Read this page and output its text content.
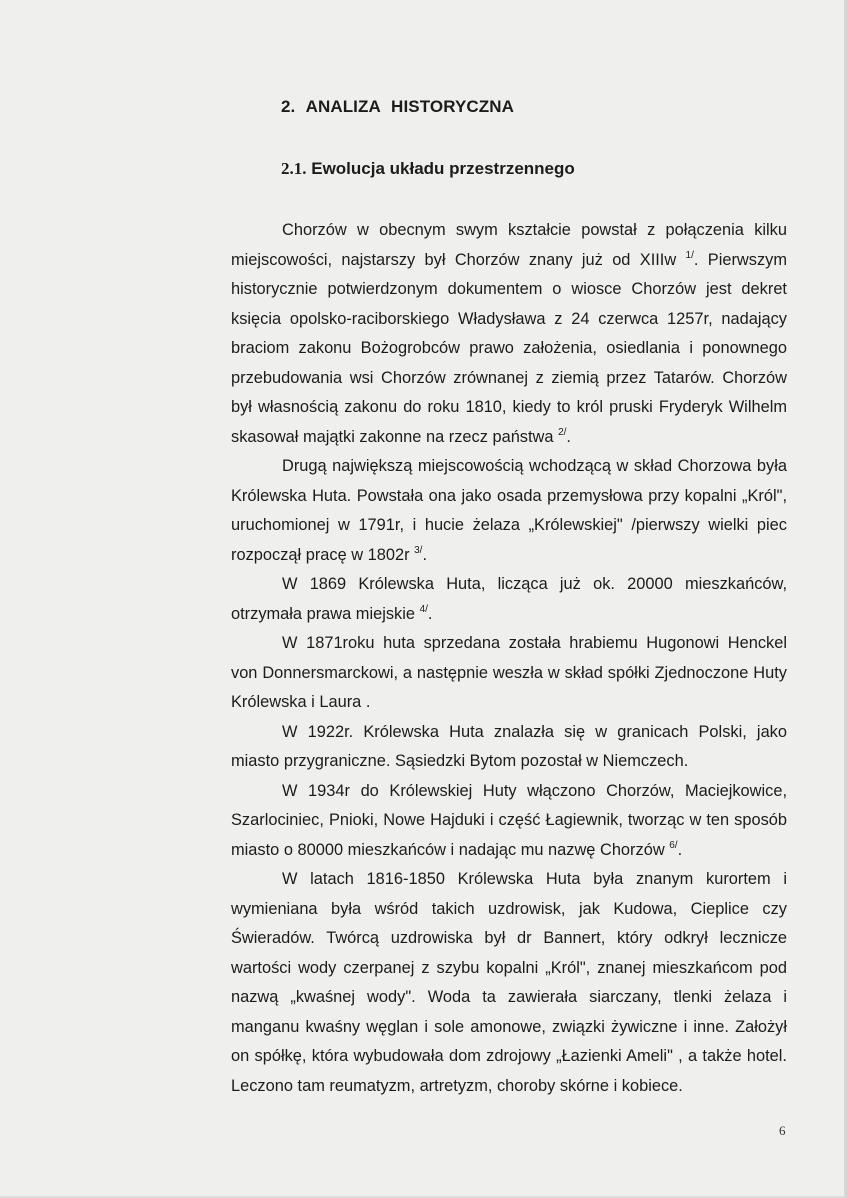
2. ANALIZA HISTORYCZNA
2.1. Ewolucja układu przestrzennego

Chorzów w obecnym swym kształcie powstał z połączenia kilku miejscowości, najstarszy był Chorzów znany już od XIIIw $^{1/}$. Pierwszym historycznie potwierdzonym dokumentem o wiosce Chorzów jest dekret księcia opolsko-raciborskiego Władysława z 24 czerwca 1257r, nadający braciom zakonu Bożogrobców prawo założenia, osiedlania i ponownego przebudowania wsi Chorzów zrównanej z ziemią przez Tatarów. Chorzów był własnością zakonu do roku 1810, kiedy to król pruski Fryderyk Wilhelm skasował majątki zakonne na rzecz państwa $^{2/}$.

Drugą największą miejscowością wchodzącą w skład Chorzowa była Królewska Huta. Powstała ona jako osada przemysłowa przy kopalni „Król", uruchomionej w 1791r, i hucie żelaza „Królewskiej" /pierwszy wielki piec rozpoczął pracę w 1802r $^{3/}$.

W 1869 Królewska Huta, licząca już ok. 20000 mieszkańców, otrzymała prawa miejskie $^{4/}$.

W 1871roku huta sprzedana została hrabiemu Hugonowi Henckel von Donnersmarckowi, a następnie weszła w skład spółki Zjednoczone Huty Królewska i Laura .

W 1922r. Królewska Huta znalazła się w granicach Polski, jako miasto przygraniczne. Sąsiedzki Bytom pozostał w Niemczech.

W 1934r do Królewskiej Huty włączono Chorzów, Maciejkowice, Szarlociniec, Pnioki, Nowe Hajduki i część Łagiewnik, tworząc w ten sposób miasto o 80000 mieszkańców i nadając mu nazwę Chorzów $^{6/}$.

W latach 1816-1850 Królewska Huta była znanym kurortem i wymieniana była wśród takich uzdrowisk, jak Kudowa, Cieplice czy Świeradów. Twórcą uzdrowiska był dr Bannert, który odkrył lecznicze wartości wody czerpanej z szybu kopalni „Król", znanej mieszkańcom pod nazwą „kwaśnej wody". Woda ta zawierała siarczany, tlenki żelaza i manganu kwaśny węglan i sole amonowe, związki żywiczne i inne. Założył on spółkę, która wybudowała dom zdrojowy „Łazienki Ameli" , a także hotel. Leczono tam reumatyzm, artretyzm, choroby skórne i kobiece.

6
